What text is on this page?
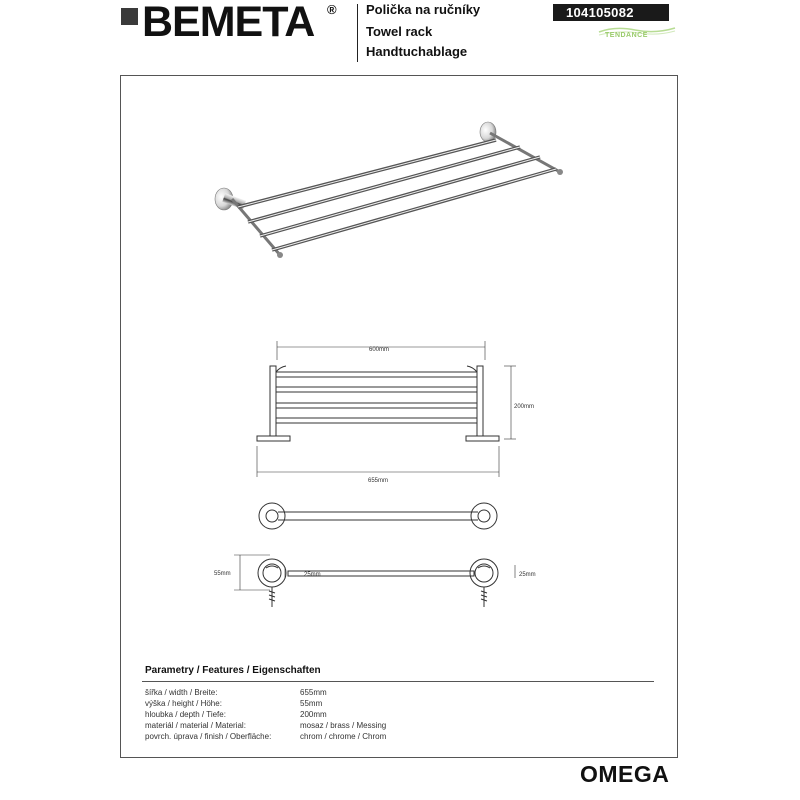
BEMETA ® Polička na ručníky
Towel rack
Handtuchablage
104105082
TENDANCE
600mm
200mm
655mm
55mm	25mm	25mm
Parametry / Features / Eigenschaften
šířka / width / Breite:	655mm
výška / height / Höhe:	55mm
hloubka / depth / Tiefe:	200mm
materiál / material / Material:	mosaz / brass / Messing
povrch. úprava / finish / Oberfläche:	chrom / chrome / Chrom
OMEGA
